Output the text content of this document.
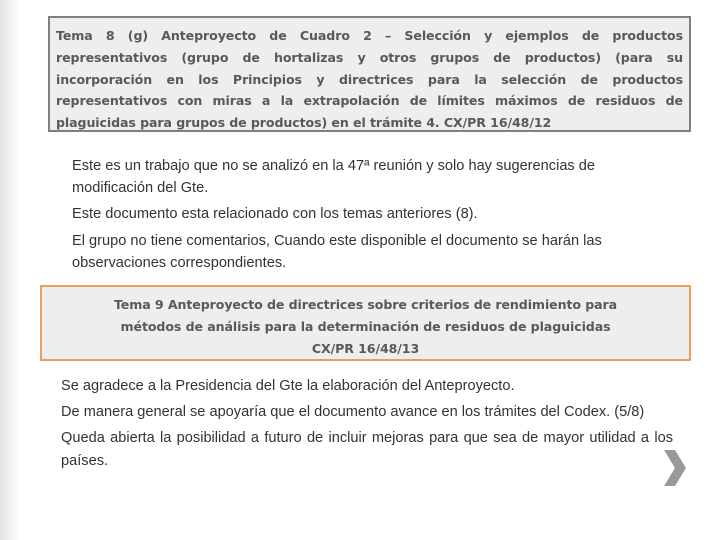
Tema 8 (g) Anteproyecto de Cuadro 2 – Selección y ejemplos de productos representativos (grupo de hortalizas y otros grupos de productos) (para su incorporación en los Principios y directrices para la selección de productos representativos con miras a la extrapolación de límites máximos de residuos de plaguicidas para grupos de productos) en el trámite 4. CX/PR 16/48/12

Este es un trabajo que no se analizó en la 47ª reunión y solo hay sugerencias de modificación del Gte.

Este documento esta relacionado con los temas anteriores (8).

El grupo no tiene comentarios, Cuando este disponible el documento se harán las observaciones correspondientes.

Tema 9 Anteproyecto de directrices sobre criterios de rendimiento para
métodos de análisis para la determinación de residuos de plaguicidas
CX/PR 16/48/13

Se agradece a la Presidencia del Gte la elaboración del Anteproyecto.

De manera general se apoyaría que el documento avance en los trámites del Codex. (5/8)

Queda abierta la posibilidad a futuro de incluir mejoras para que sea de mayor utilidad a los países.
